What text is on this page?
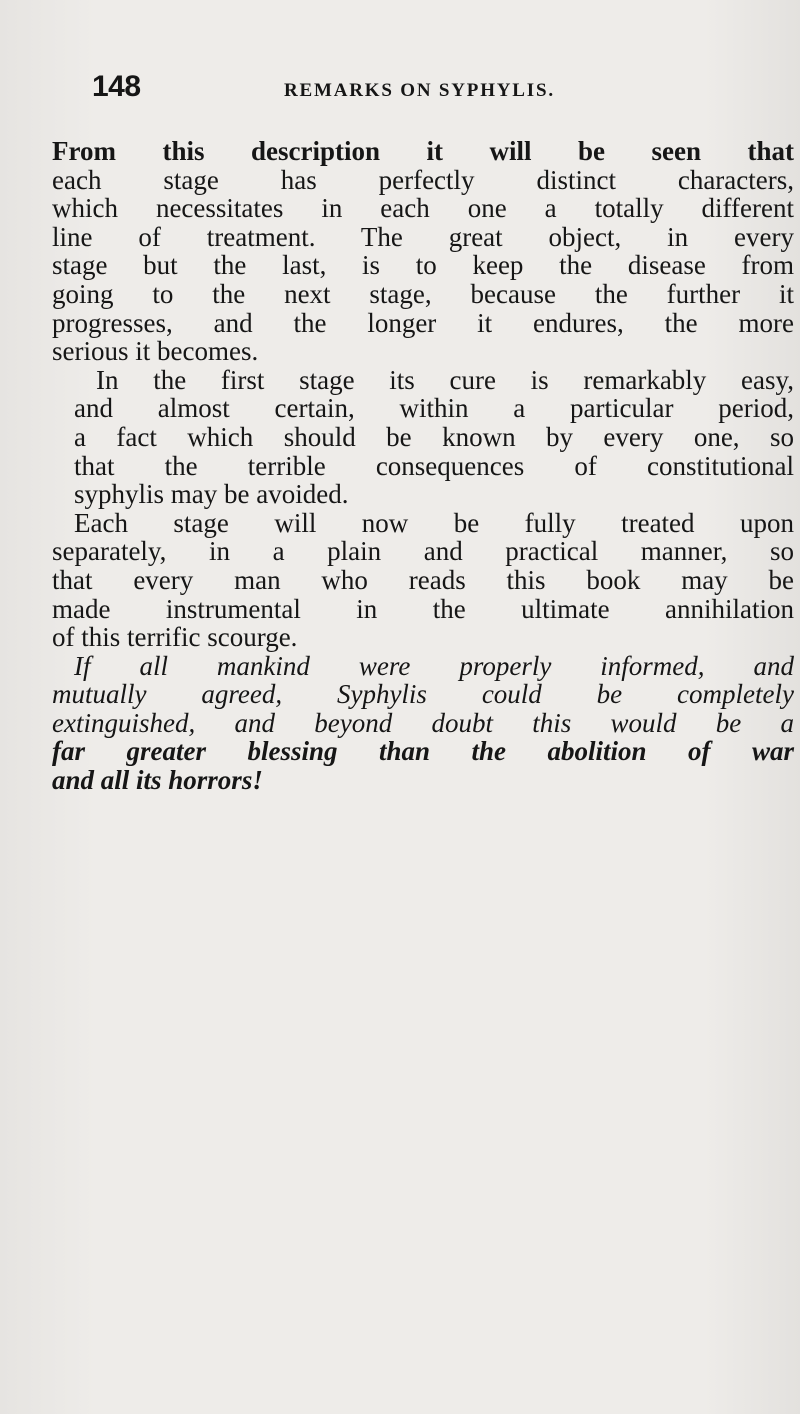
148	REMARKS ON SYPHYLIS.

From this description it will be seen that
each stage has perfectly distinct characters,
which necessitates in each one a totally different
line of treatment. The great object, in every
stage but the last, is to keep the disease from
going to the next stage, because the further it
progresses, and the longer it endures, the more
serious it becomes.

In the first stage its cure is remarkably easy,
and almost certain, within a particular period,
a fact which should be known by every one, so
that the terrible consequences of constitutional
syphylis may be avoided.

Each stage will now be fully treated upon
separately, in a plain and practical manner, so
that every man who reads this book may be
made instrumental in the ultimate annihilation
of this terrific scourge.

If all mankind were properly informed, and
mutually agreed, Syphylis could be completely
extinguished, and beyond doubt this would be a
far greater blessing than the abolition of war
and all its horrors!
